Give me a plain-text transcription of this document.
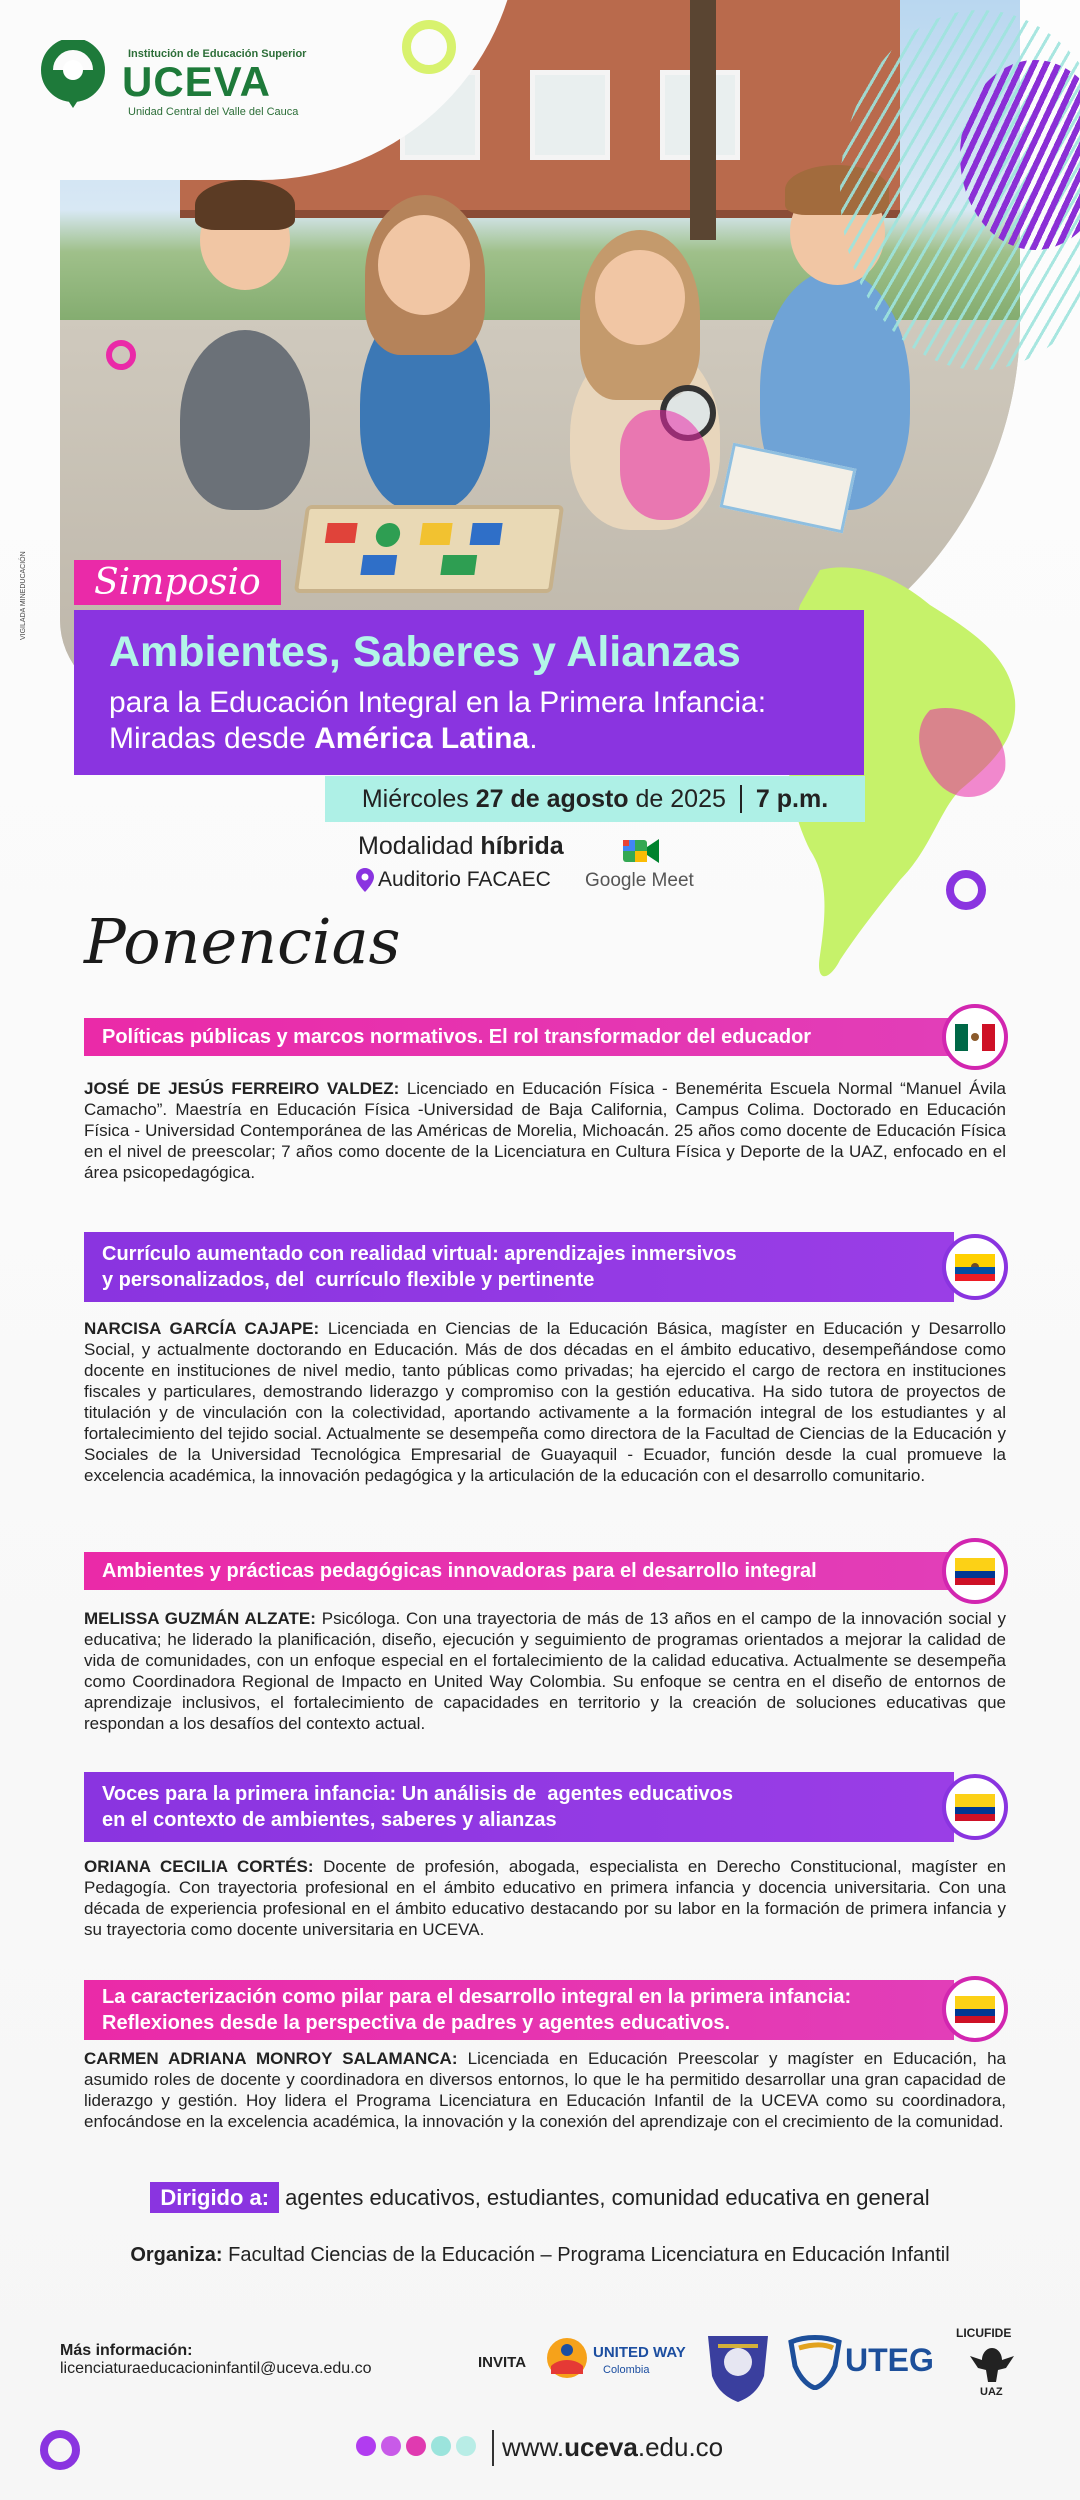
Institución de Educación Superior
UCEVA
Unidad Central del Valle del Cauca
VIGILADA MINEDUCACIÓN	Simposio
Ambientes, Saberes y Alianzas
para la Educación Integral en la Primera Infancia:
Miradas desde América Latina.
Miércoles 27 de agosto de 2025 7 p.m.
Modalidad híbrida
Auditorio FACAEC Google Meet
Ponencias
Políticas públicas y marcos normativos. El rol transformador del educador
JOSÉ DE JESÚS FERREIRO VALDEZ: Licenciado en Educación Física - Benemérita Escuela Normal “Manuel Ávila Camacho”. Maestría en Educación Física -Universidad de Baja California, Campus Colima. Doctorado en Educación Física - Universidad Contemporánea de las Américas de Morelia, Michoacán. 25 años como docente de Educación Física en el nivel de preescolar; 7 años como docente de la Licenciatura en Cultura Física y Deporte de la UAZ, enfocado en el área psicopedagógica.
Currículo aumentado con realidad virtual: aprendizajes inmersivos
y personalizados, del  currículo flexible y pertinente
NARCISA GARCÍA CAJAPE: Licenciada en Ciencias de la Educación Básica, magíster en Educación y Desarrollo Social, y actualmente doctorando en Educación. Más de dos décadas en el ámbito educativo, desempeñándose como docente en instituciones de nivel medio, tanto públicas como privadas; ha ejercido el cargo de rectora en instituciones fiscales y particulares, demostrando liderazgo y compromiso con la gestión educativa. Ha sido tutora de proyectos de titulación y de vinculación con la colectividad, aportando activamente a la formación integral de los estudiantes y al fortalecimiento del tejido social. Actualmente se desempeña como directora de la Facultad de Ciencias de la Educación y Sociales de la Universidad Tecnológica Empresarial de Guayaquil - Ecuador, función desde la cual promueve la excelencia académica, la innovación pedagógica y la articulación de la educación con el desarrollo comunitario.
Ambientes y prácticas pedagógicas innovadoras para el desarrollo integral
MELISSA GUZMÁN ALZATE: Psicóloga. Con una trayectoria de más de 13 años en el campo de la innovación social y educativa; he liderado la planificación, diseño, ejecución y seguimiento de programas orientados a mejorar la calidad de vida de comunidades, con un enfoque especial en el fortalecimiento de la calidad educativa. Actualmente se desempeña como Coordinadora Regional de Impacto en United Way Colombia. Su enfoque se centra en el diseño de entornos de aprendizaje inclusivos, el fortalecimiento de capacidades en territorio y la creación de soluciones educativas que respondan a los desafíos del contexto actual.
Voces para la primera infancia: Un análisis de  agentes educativos
en el contexto de ambientes, saberes y alianzas
ORIANA CECILIA CORTÉS: Docente de profesión, abogada, especialista en Derecho Constitucional, magíster en Pedagogía. Con trayectoria profesional en el ámbito educativo en primera infancia y docencia universitaria. Con una década de experiencia profesional en el ámbito educativo destacando por su labor en la formación de primera infancia y su trayectoria como docente universitaria en UCEVA.
La caracterización como pilar para el desarrollo integral en la primera infancia:
Reflexiones desde la perspectiva de padres y agentes educativos.
CARMEN ADRIANA MONROY SALAMANCA: Licenciada en Educación Preescolar y magíster en Educación, ha asumido roles de docente y coordinadora en diversos entornos, lo que le ha permitido desarrollar una gran capacidad de liderazgo y gestión. Hoy lidera el Programa Licenciatura en Educación Infantil de la UCEVA como su coordinadora, enfocándose en la excelencia académica, la innovación y la conexión del aprendizaje con el crecimiento de la comunidad.
Dirigido a: agentes educativos, estudiantes, comunidad educativa en general
Organiza: Facultad Ciencias de la Educación – Programa Licenciatura en Educación Infantil
Más información:
licenciaturaeducacioninfantil@uceva.edu.co	INVITA
UNITED WAY
Colombia	UTEG
LICUFIDE
UAZ
www.uceva.edu.co
